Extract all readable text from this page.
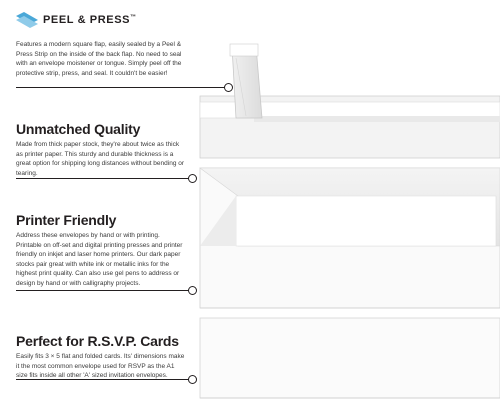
PEEL & PRESS™

Features a modern square flap, easily sealed by a Peel & Press Strip on the inside of the back flap. No need to seal with an envelope moistener or tongue. Simply peel off the protective strip, press, and seal. It couldn't be easier!

Unmatched Quality

Made from thick paper stock, they're about twice as thick as printer paper. This sturdy and durable thickness is a great option for shipping long distances without bending or tearing.

Printer Friendly

Address these envelopes by hand or with printing. Printable on off-set and digital printing presses and printer friendly on inkjet and laser home printers. Our dark paper stocks pair great with white ink or metallic inks for the highest print quality. Can also use gel pens to address or design by hand or with calligraphy projects.

Perfect for R.S.V.P. Cards

Easily fits 3 × 5 flat and folded cards. Its' dimensions make it the most common envelope used for RSVP as the A1 size fits inside all other 'A' sized invitation envelopes.
